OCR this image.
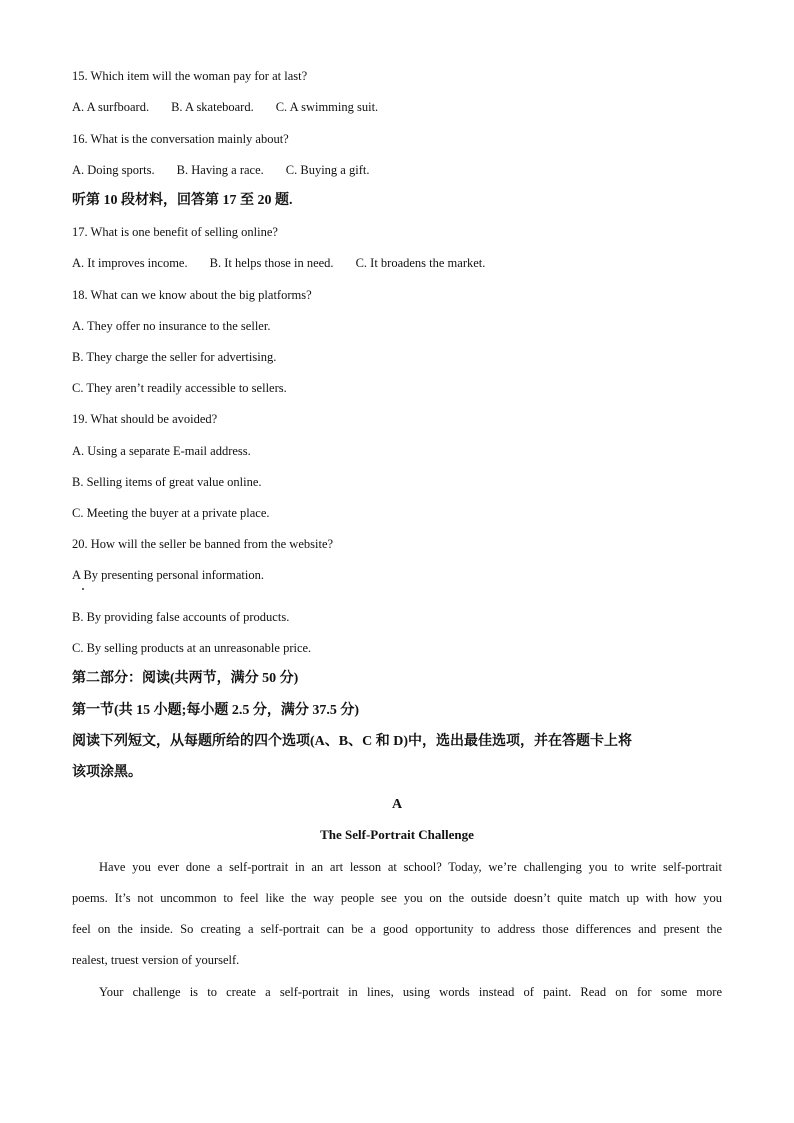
15. Which item will the woman pay for at last?
A. A surfboard. B. A skateboard. C. A swimming suit.
16. What is the conversation mainly about?
A. Doing sports. B. Having a race. C. Buying a gift.
听第 10 段材料，回答第 17 至 20 题.
17. What is one benefit of selling online?
A. It improves income. B. It helps those in need. C. It broadens the market.
18. What can we know about the big platforms?
A. They offer no insurance to the seller.
B. They charge the seller for advertising.
C. They aren’t readily accessible to sellers.
19. What should be avoided?
A. Using a separate E-mail address.
B. Selling items of great value online.
C. Meeting the buyer at a private place.
20. How will the seller be banned from the website?
A By presenting personal information.
B. By providing false accounts of products.
C. By selling products at an unreasonable price.
第二部分：阅读(共两节，满分 50 分)
第一节(共 15 小题;每小题 2.5 分，满分 37.5 分)
阅读下列短文，从每题所给的四个选项(A、B、C 和 D)中，选出最佳选项，并在答题卡上将
该项涂黑。
A
The Self-Portrait Challenge
Have you ever done a self-portrait in an art lesson at school? Today, we’re challenging you to write self-portrait
poems. It’s not uncommon to feel like the way people see you on the outside doesn’t quite match up with how you
feel on the inside. So creating a self-portrait can be a good opportunity to address those differences and present the
realest, truest version of yourself.
Your challenge is to create a self-portrait in lines, using words instead of paint. Read on for some more
